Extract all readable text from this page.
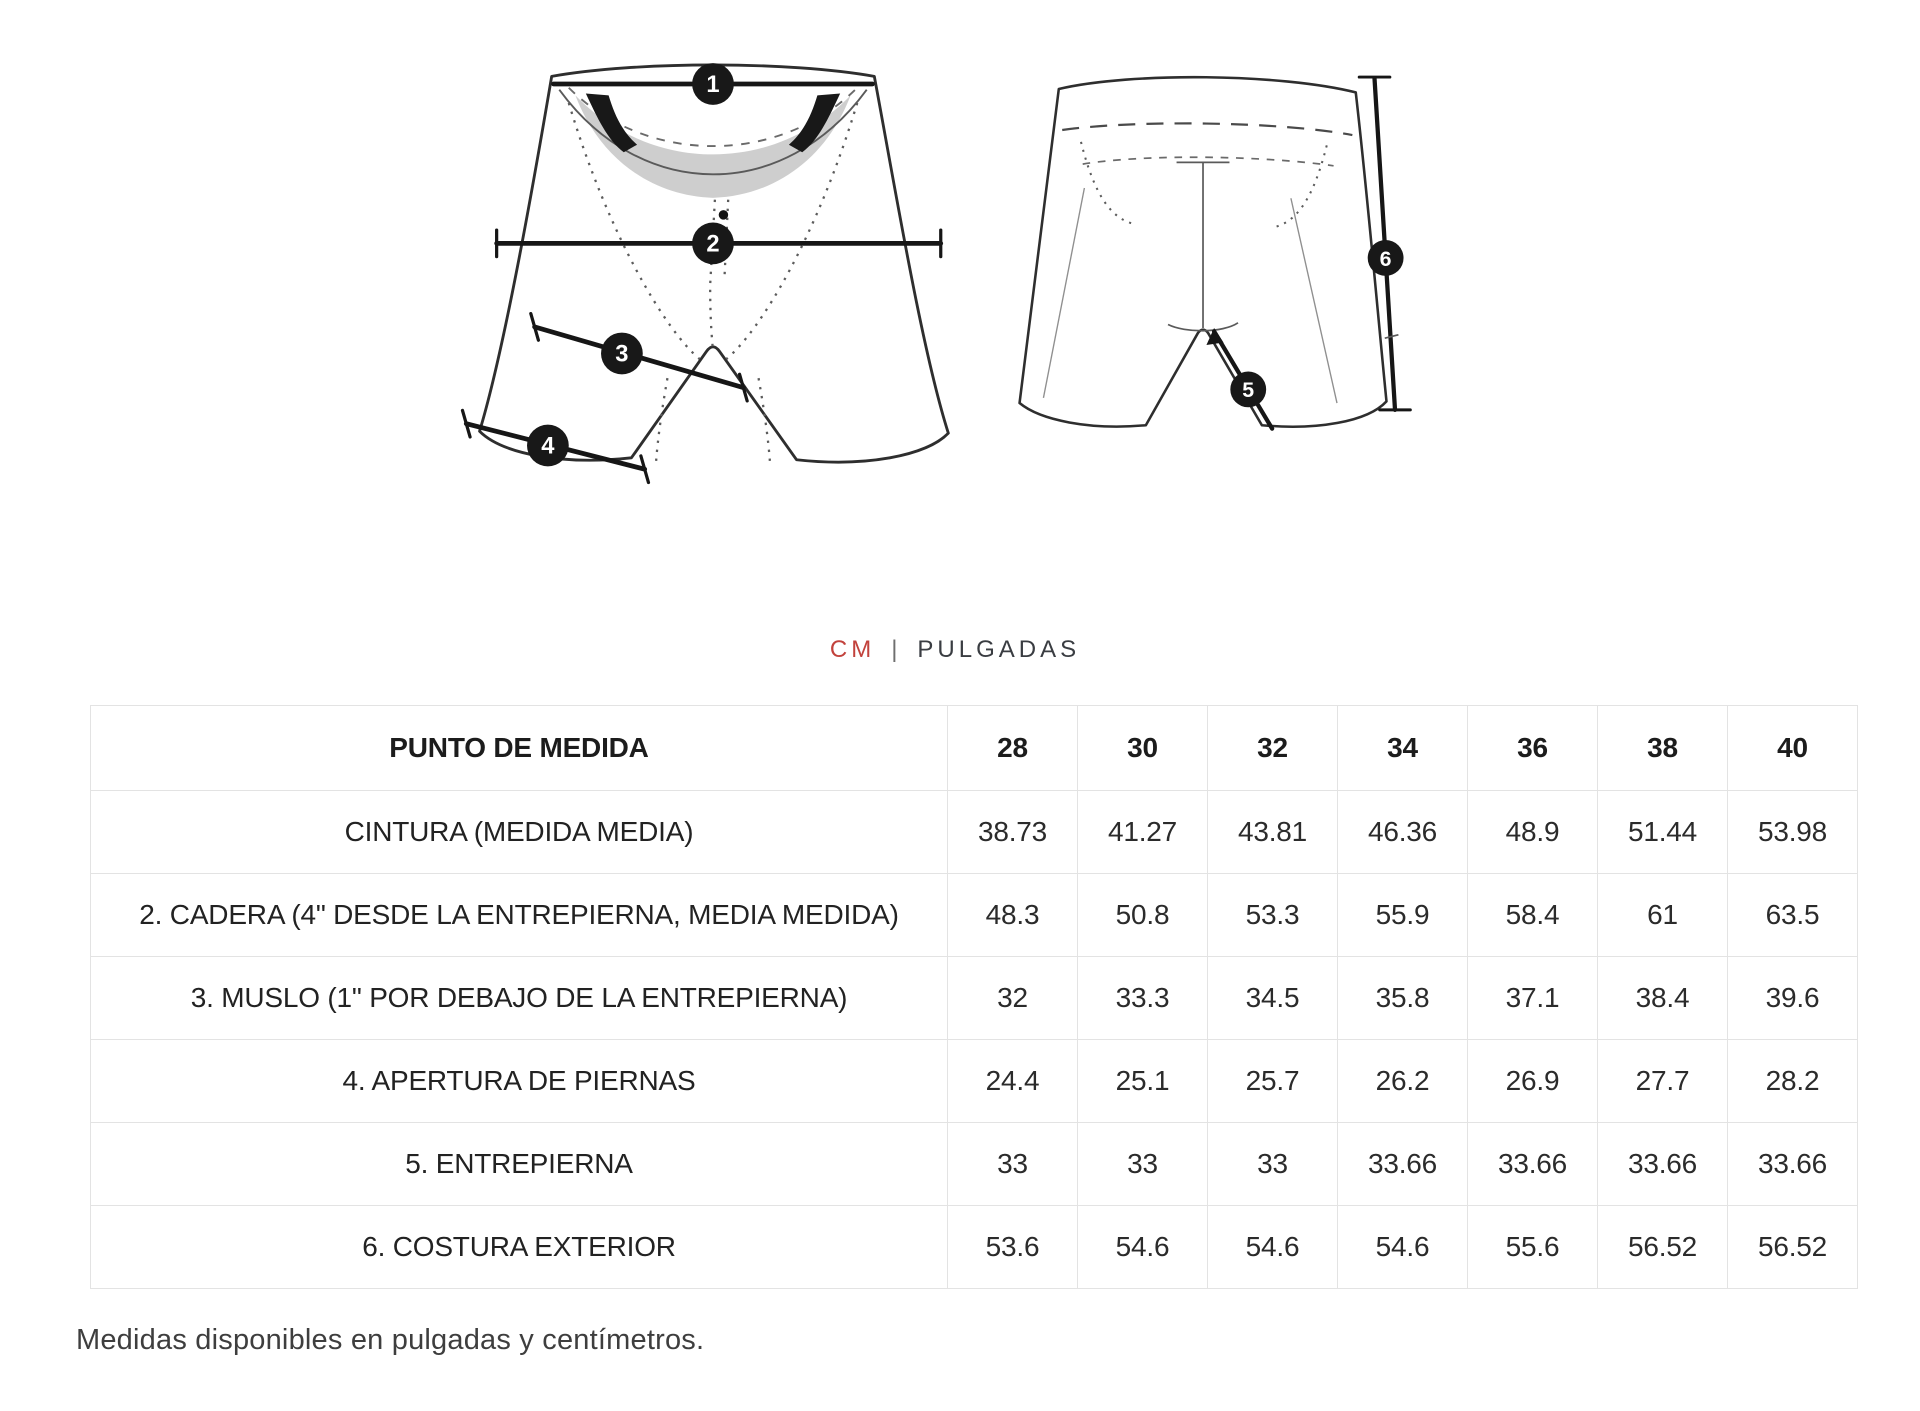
1
2
3
4
5
6
CM | PULGADAS
PUNTO DE MEDIDA	28	30	32	34	36	38	40
CINTURA (MEDIDA MEDIA)	38.73	41.27	43.81	46.36	48.9	51.44	53.98
2. CADERA (4" DESDE LA ENTREPIERNA, MEDIA MEDIDA)	48.3	50.8	53.3	55.9	58.4	61	63.5
3. MUSLO (1" POR DEBAJO DE LA ENTREPIERNA)	32	33.3	34.5	35.8	37.1	38.4	39.6
4. APERTURA DE PIERNAS	24.4	25.1	25.7	26.2	26.9	27.7	28.2
5. ENTREPIERNA	33	33	33	33.66	33.66	33.66	33.66
6. COSTURA EXTERIOR	53.6	54.6	54.6	54.6	55.6	56.52	56.52
Medidas disponibles en pulgadas y centímetros.
